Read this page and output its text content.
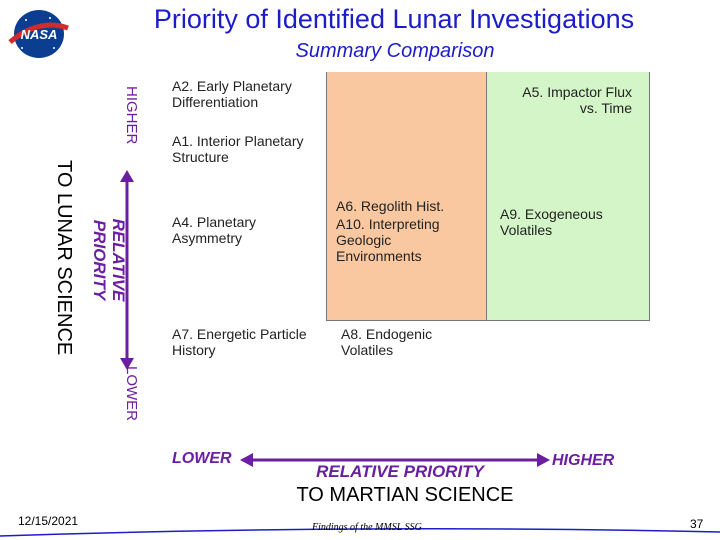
NASA
Priority of Identified Lunar Investigations
Summary Comparison
TO LUNAR SCIENCE
HIGHER
LOWER
RELATIVE PRIORITY
A2. Early Planetary Differentiation
A1. Interior Planetary Structure
A5. Impactor Flux vs. Time
A4. Planetary Asymmetry
A6. Regolith Hist.
A10. Interpreting Geologic Environments
A9. Exogeneous Volatiles
A7. Energetic Particle History
A8. Endogenic Volatiles
LOWER	HIGHER
RELATIVE PRIORITY
TO MARTIAN SCIENCE
12/15/2021	Findings of the MMSL SSG	37
